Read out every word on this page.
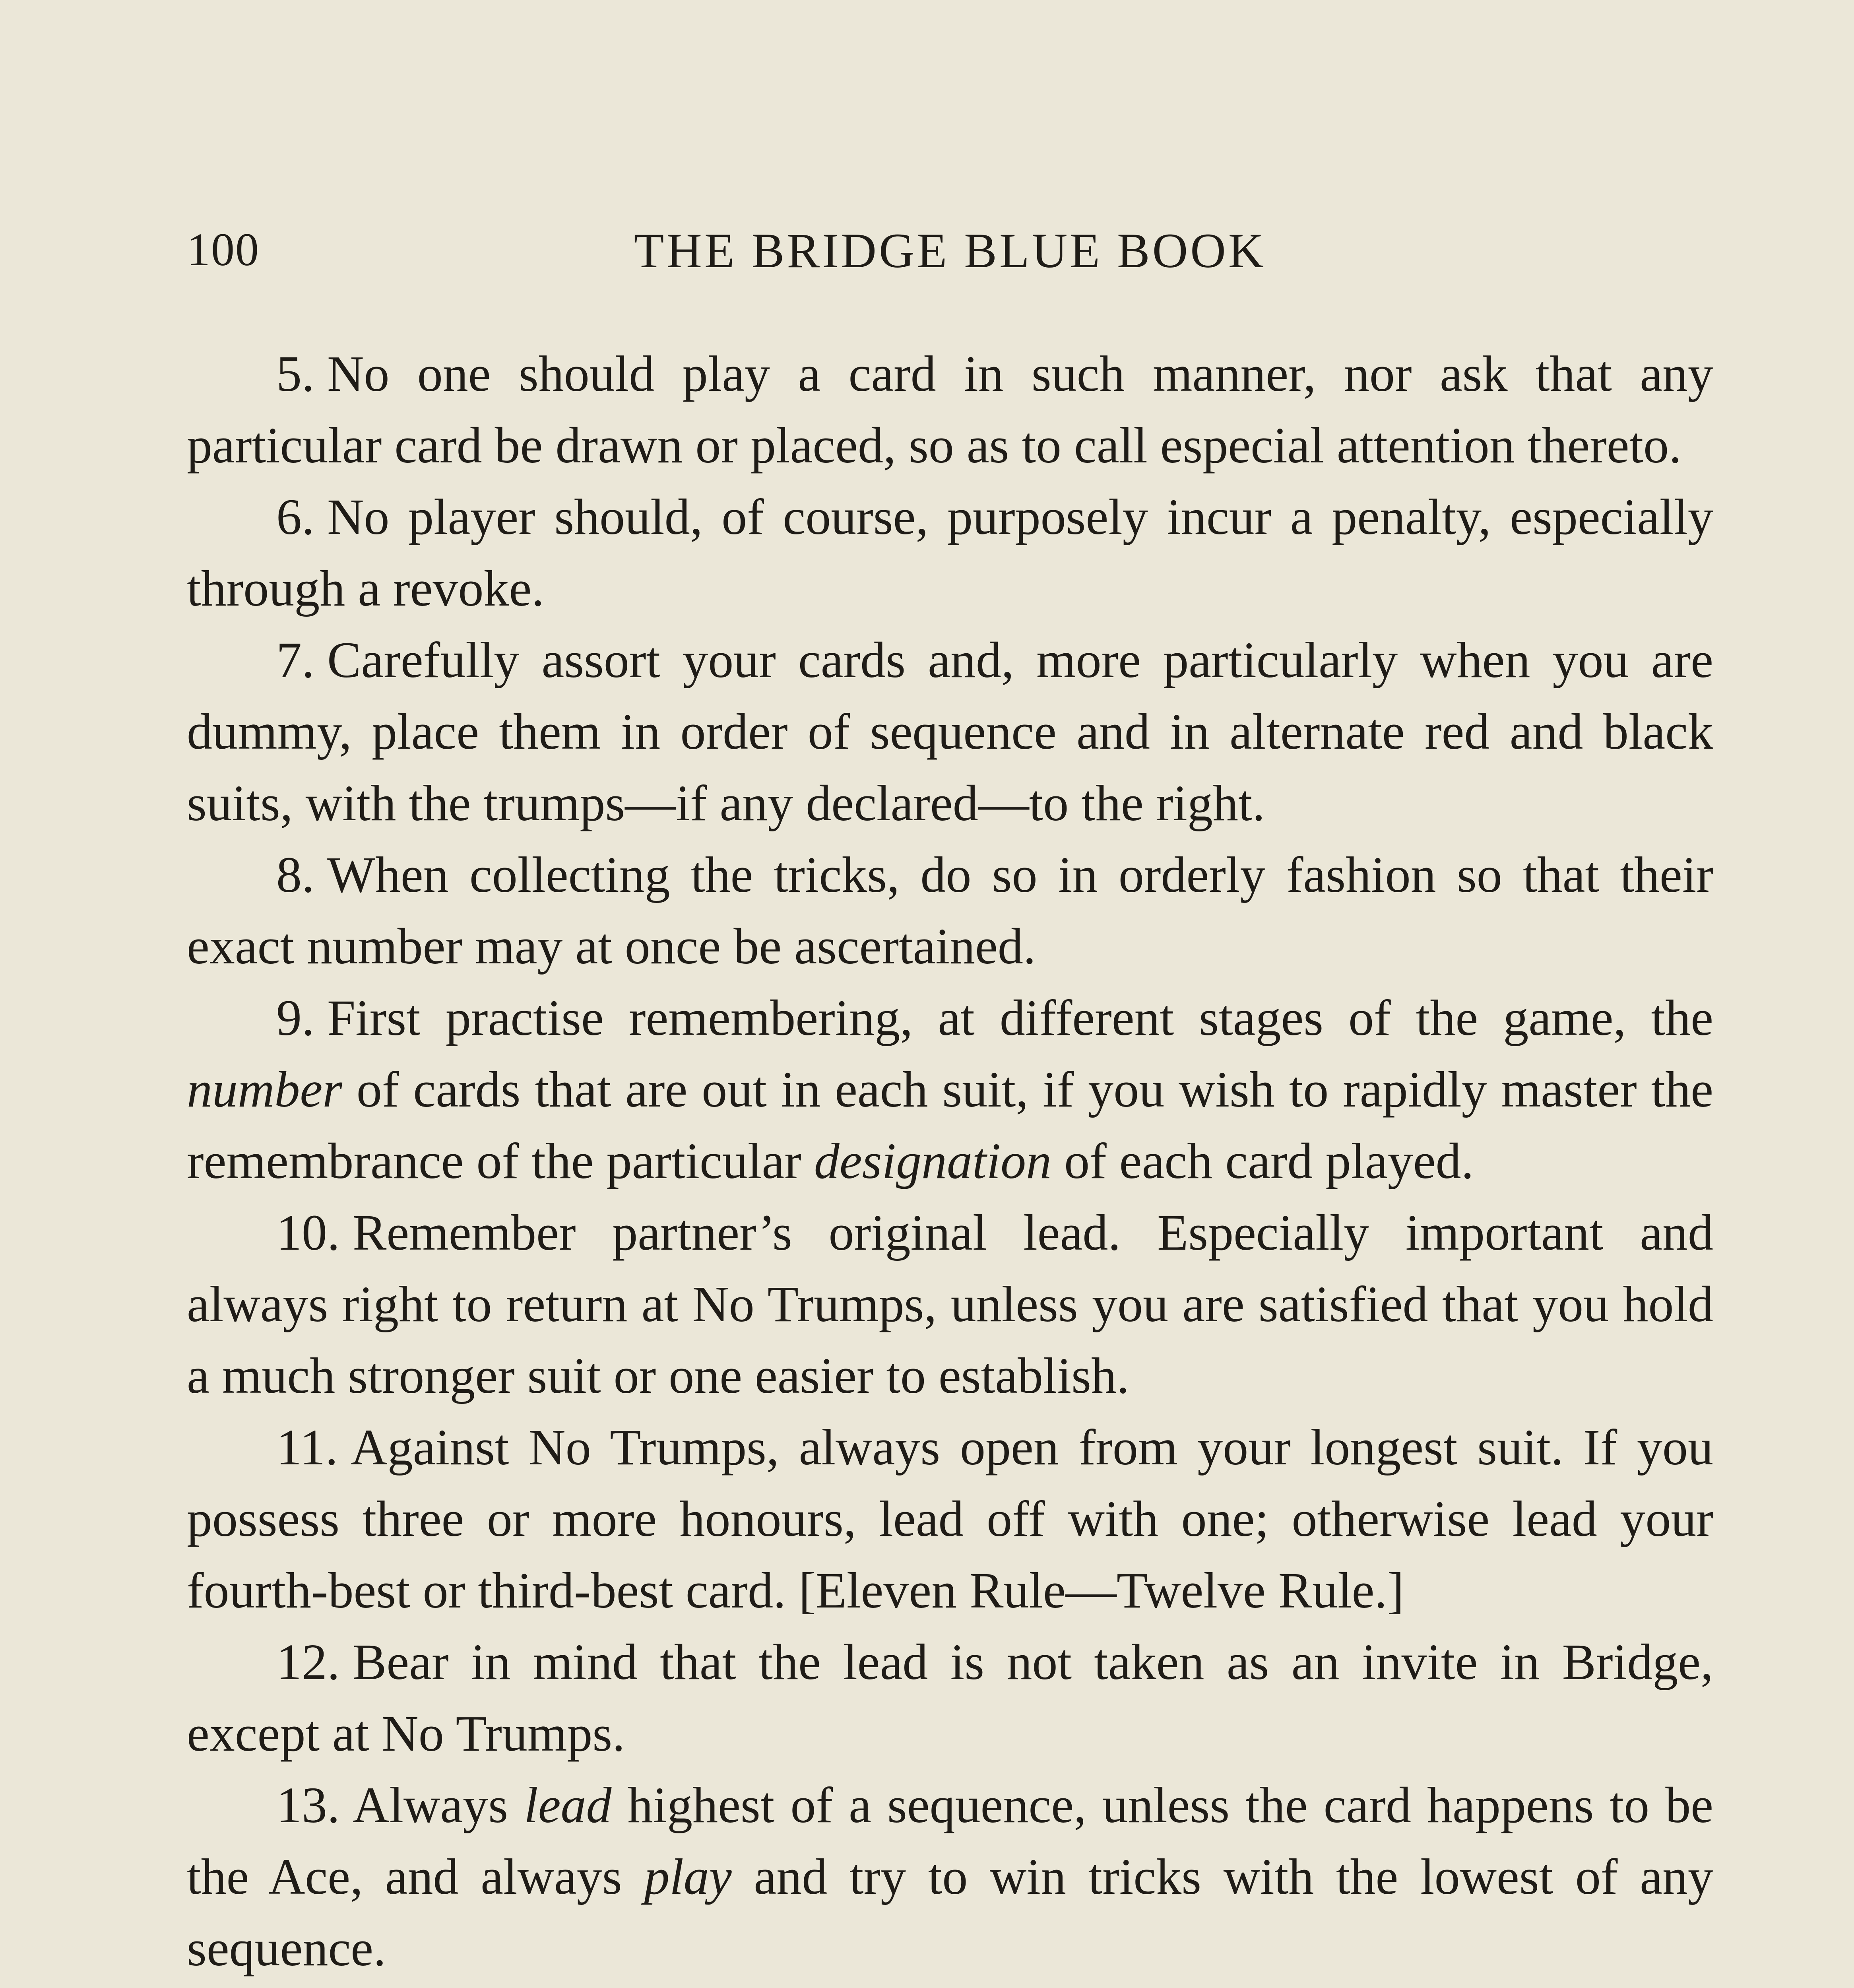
100	THE BRIDGE BLUE BOOK

5. No one should play a card in such manner, nor ask that any particular card be drawn or placed, so as to call especial attention thereto.

6. No player should, of course, purposely incur a penalty, especially through a revoke.

7. Carefully assort your cards and, more particularly when you are dummy, place them in order of sequence and in alternate red and black suits, with the trumps—if any declared—to the right.

8. When collecting the tricks, do so in orderly fashion so that their exact number may at once be ascertained.

9. First practise remembering, at different stages of the game, the number of cards that are out in each suit, if you wish to rapidly master the remembrance of the particular designation of each card played.

10. Remember partner’s original lead. Especially important and always right to return at No Trumps, unless you are satisfied that you hold a much stronger suit or one easier to establish.

11. Against No Trumps, always open from your longest suit. If you possess three or more honours, lead off with one; otherwise lead your fourth-best or third-best card. [Eleven Rule—Twelve Rule.]

12. Bear in mind that the lead is not taken as an invite in Bridge, except at No Trumps.

13. Always lead highest of a sequence, unless the card happens to be the Ace, and always play and try to win tricks with the lowest of any sequence.
